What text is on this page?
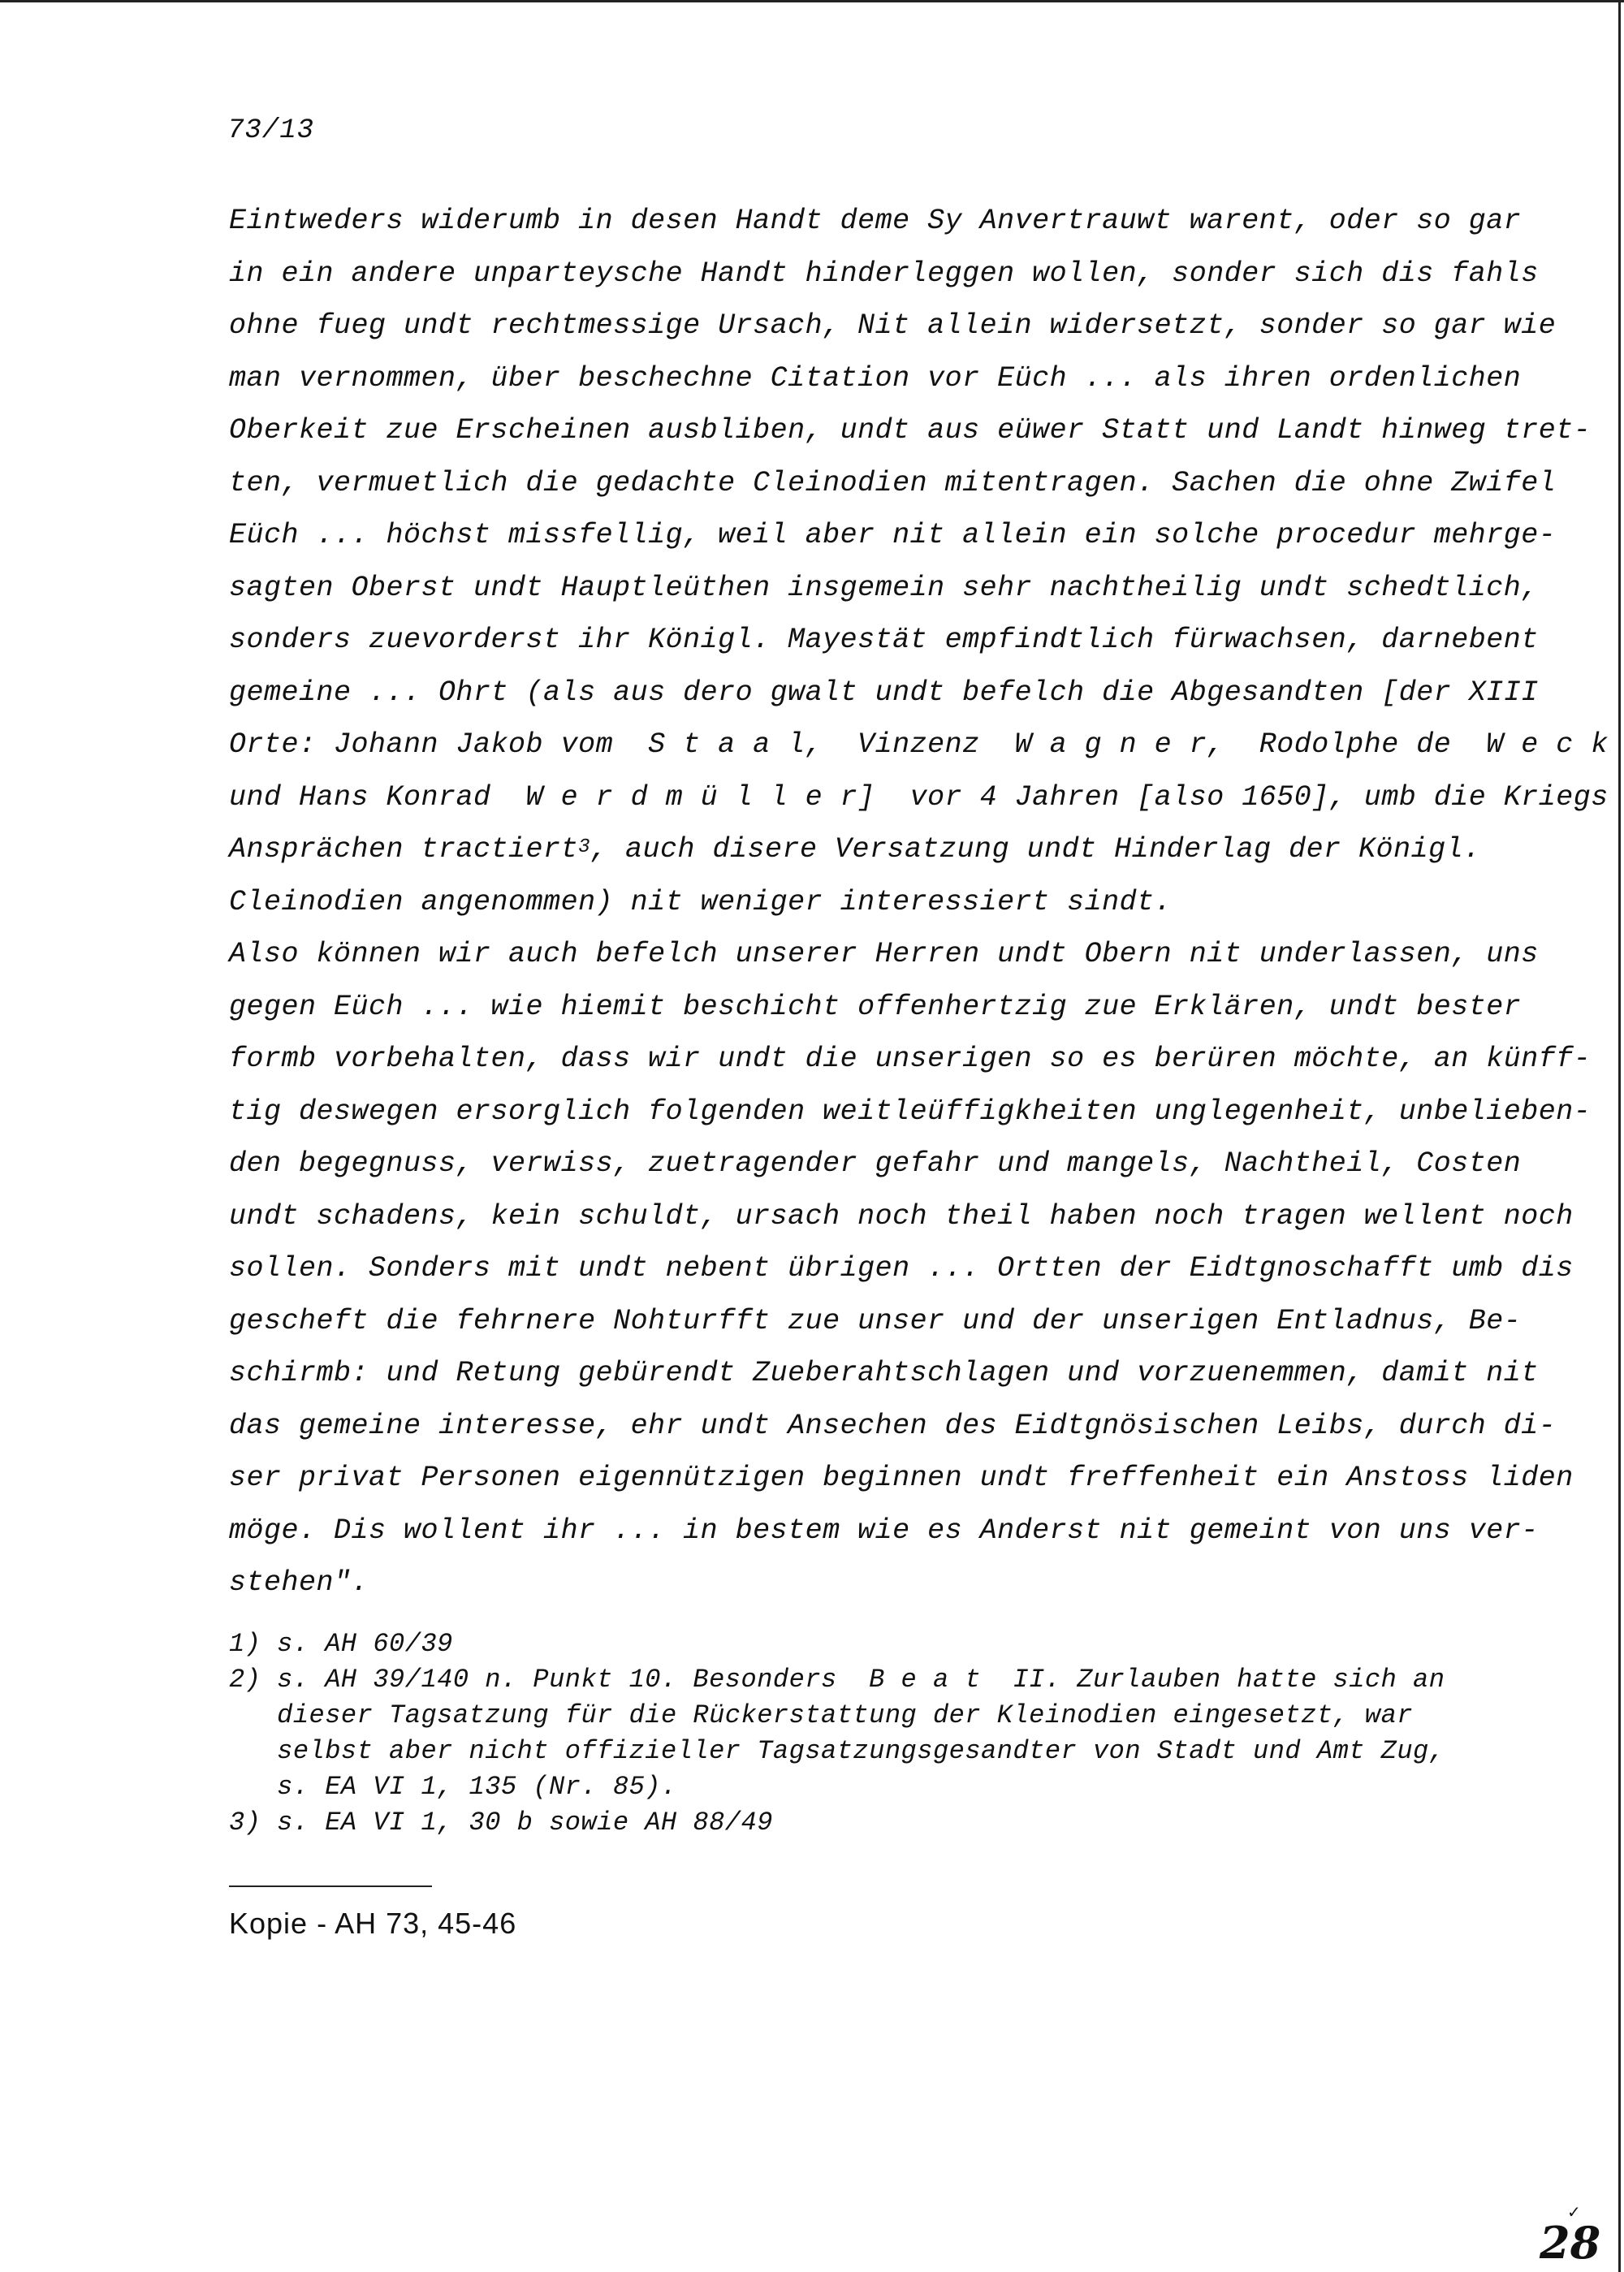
73/13
Eintweders widerumb in desen Handt deme Sy Anvertrauwt warent, oder so gar
in ein andere unparteysche Handt hinderleggen wollen, sonder sich dis fahls
ohne fueg undt rechtmessige Ursach, Nit allein widersetzt, sonder so gar wie
man vernommen, über beschechne Citation vor Eüch ... als ihren ordenlichen
Oberkeit zue Erscheinen ausbliben, undt aus eüwer Statt und Landt hinweg tret-
ten, vermuetlich die gedachte Cleinodien mitentragen. Sachen die ohne Zwifel
Eüch ... höchst missfellig, weil aber nit allein ein solche procedur mehrge-
sagten Oberst undt Hauptleüthen insgemein sehr nachtheilig undt schedtlich,
sonders zuevorderst ihr Königl. Mayestät empfindtlich fürwachsen, darnebent
gemeine ... Ohrt (als aus dero gwalt undt befelch die Abgesandten [der XIII
Orte: Johann Jakob vom  S t a a l,  Vinzenz  W a g n e r,  Rodolphe de  W e c k
und Hans Konrad  W e r d m ü l l e r]  vor 4 Jahren [also 1650], umb die Kriegs
Ansprächen tractiert$^3$, auch disere Versatzung undt Hinderlag der Königl.
Cleinodien angenommen) nit weniger interessiert sindt.
Also können wir auch befelch unserer Herren undt Obern nit underlassen, uns
gegen Eüch ... wie hiemit beschicht offenhertzig zue Erklären, undt bester
formb vorbehalten, dass wir undt die unserigen so es berüren möchte, an künff-
tig deswegen ersorglich folgenden weitleüffigkheiten unglegenheit, unbelieben-
den begegnuss, verwiss, zuetragender gefahr und mangels, Nachtheil, Costen
undt schadens, kein schuldt, ursach noch theil haben noch tragen wellent noch
sollen. Sonders mit undt nebent übrigen ... Ortten der Eidtgnoschafft umb dis
gescheft die fehrnere Nohturfft zue unser und der unserigen Entladnus, Be-
schirmb: und Retung gebürendt Zueberahtschlagen und vorzuenemmen, damit nit
das gemeine interesse, ehr undt Ansechen des Eidtgnösischen Leibs, durch di-
ser privat Personen eigennützigen beginnen undt freffenheit ein Anstoss liden
möge. Dis wollent ihr ... in bestem wie es Anderst nit gemeint von uns ver-
stehen".
1) s. AH 60/39
2) s. AH 39/140 n. Punkt 10. Besonders  B e a t  II. Zurlauben hatte sich an
dieser Tagsatzung für die Rückerstattung der Kleinodien eingesetzt, war
selbst aber nicht offizieller Tagsatzungsgesandter von Stadt und Amt Zug,
s. EA VI 1, 135 (Nr. 85).
3) s. EA VI 1, 30 b sowie AH 88/49
Kopie - AH 73, 45-46
✓
28
